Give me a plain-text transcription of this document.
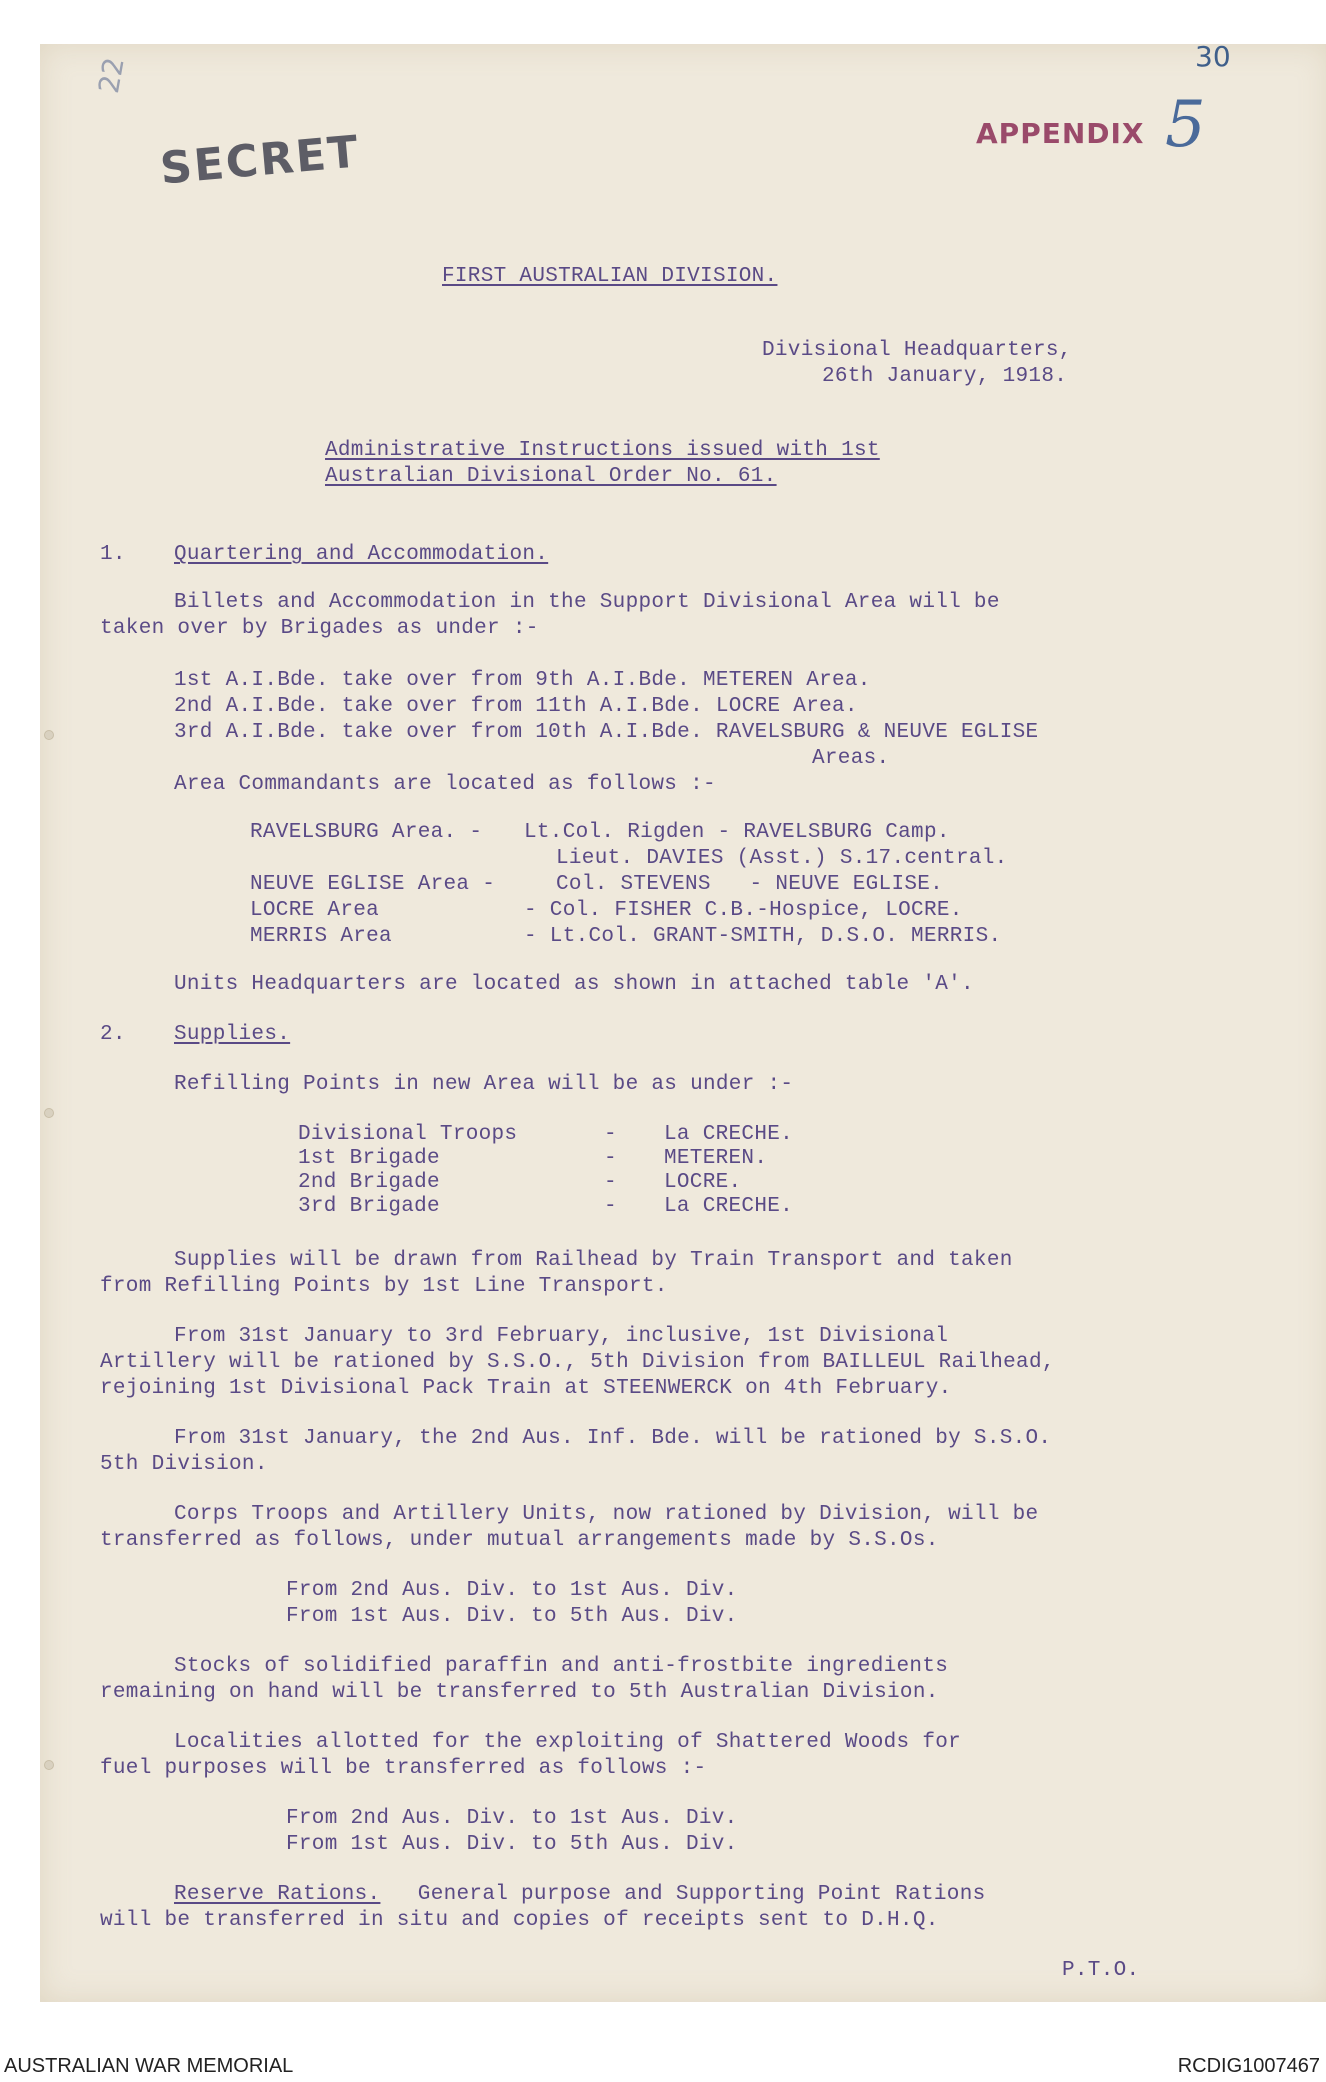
22
SECRET	APPENDIX
30
5
FIRST AUSTRALIAN DIVISION.
Divisional Headquarters,
26th January, 1918.
Administrative Instructions issued with 1st
Australian Divisional Order No. 61.
1. Quartering and Accommodation.
Billets and Accommodation in the Support Divisional Area will be
taken over by Brigades as under :-
1st A.I.Bde. take over from 9th A.I.Bde. METEREN Area.
2nd A.I.Bde. take over from 11th A.I.Bde. LOCRE Area.
3rd A.I.Bde. take over from 10th A.I.Bde. RAVELSBURG & NEUVE EGLISE
Areas.
Area Commandants are located as follows :-
RAVELSBURG Area. - Lt.Col. Rigden - RAVELSBURG Camp.
Lieut. DAVIES (Asst.) S.17.central.
NEUVE EGLISE Area -	Col. STEVENS   - NEUVE EGLISE.
LOCRE Area	- Col. FISHER C.B.-Hospice, LOCRE.
MERRIS Area	- Lt.Col. GRANT-SMITH, D.S.O. MERRIS.
Units Headquarters are located as shown in attached table 'A'.
2. Supplies.
Refilling Points in new Area will be as under :-
Divisional Troops	- La CRECHE.
1st Brigade	- METEREN.
2nd Brigade	- LOCRE.
3rd Brigade	- La CRECHE.
Supplies will be drawn from Railhead by Train Transport and taken
from Refilling Points by 1st Line Transport.
From 31st January to 3rd February, inclusive, 1st Divisional
Artillery will be rationed by S.S.O., 5th Division from BAILLEUL Railhead,
rejoining 1st Divisional Pack Train at STEENWERCK on 4th February.
From 31st January, the 2nd Aus. Inf. Bde. will be rationed by S.S.O.
5th Division.
Corps Troops and Artillery Units, now rationed by Division, will be
transferred as follows, under mutual arrangements made by S.S.Os.
From 2nd Aus. Div. to 1st Aus. Div.
From 1st Aus. Div. to 5th Aus. Div.
Stocks of solidified paraffin and anti-frostbite ingredients
remaining on hand will be transferred to 5th Australian Division.
Localities allotted for the exploiting of Shattered Woods for
fuel purposes will be transferred as follows :-
From 2nd Aus. Div. to 1st Aus. Div.
From 1st Aus. Div. to 5th Aus. Div.
Reserve Rations. General purpose and Supporting Point Rations
will be transferred in situ and copies of receipts sent to D.H.Q.
P.T.O.
AUSTRALIAN WAR MEMORIAL	RCDIG1007467
